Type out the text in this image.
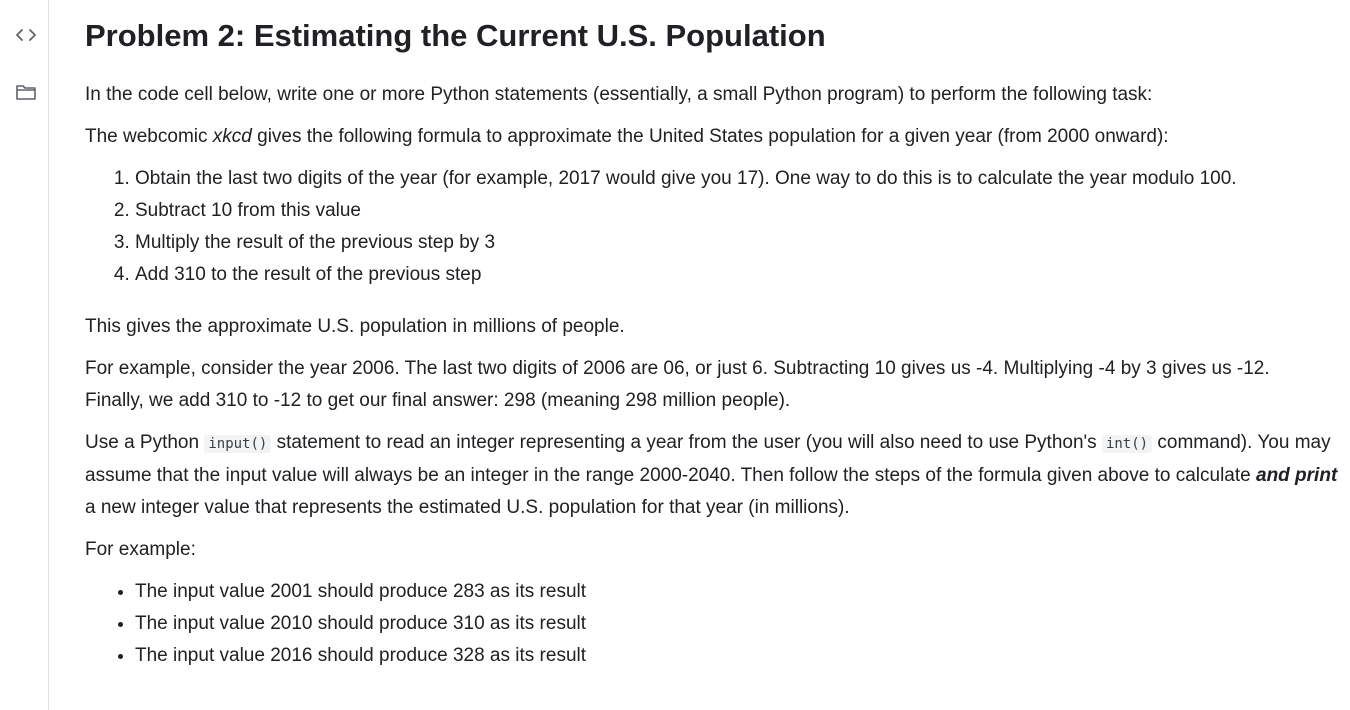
Problem 2: Estimating the Current U.S. Population

In the code cell below, write one or more Python statements (essentially, a small Python program) to perform the following task:

The webcomic xkcd gives the following formula to approximate the United States population for a given year (from 2000 onward):

1. Obtain the last two digits of the year (for example, 2017 would give you 17). One way to do this is to calculate the year modulo 100.
2. Subtract 10 from this value
3. Multiply the result of the previous step by 3
4. Add 310 to the result of the previous step

This gives the approximate U.S. population in millions of people.

For example, consider the year 2006. The last two digits of 2006 are 06, or just 6. Subtracting 10 gives us -4. Multiplying -4 by 3 gives us -12.
Finally, we add 310 to -12 to get our final answer: 298 (meaning 298 million people).

Use a Python input() statement to read an integer representing a year from the user (you will also need to use Python's int() command). You may assume that the input value will always be an integer in the range 2000-2040. Then follow the steps of the formula given above to calculate and print a new integer value that represents the estimated U.S. population for that year (in millions).

For example:

• The input value 2001 should produce 283 as its result
• The input value 2010 should produce 310 as its result
• The input value 2016 should produce 328 as its result
